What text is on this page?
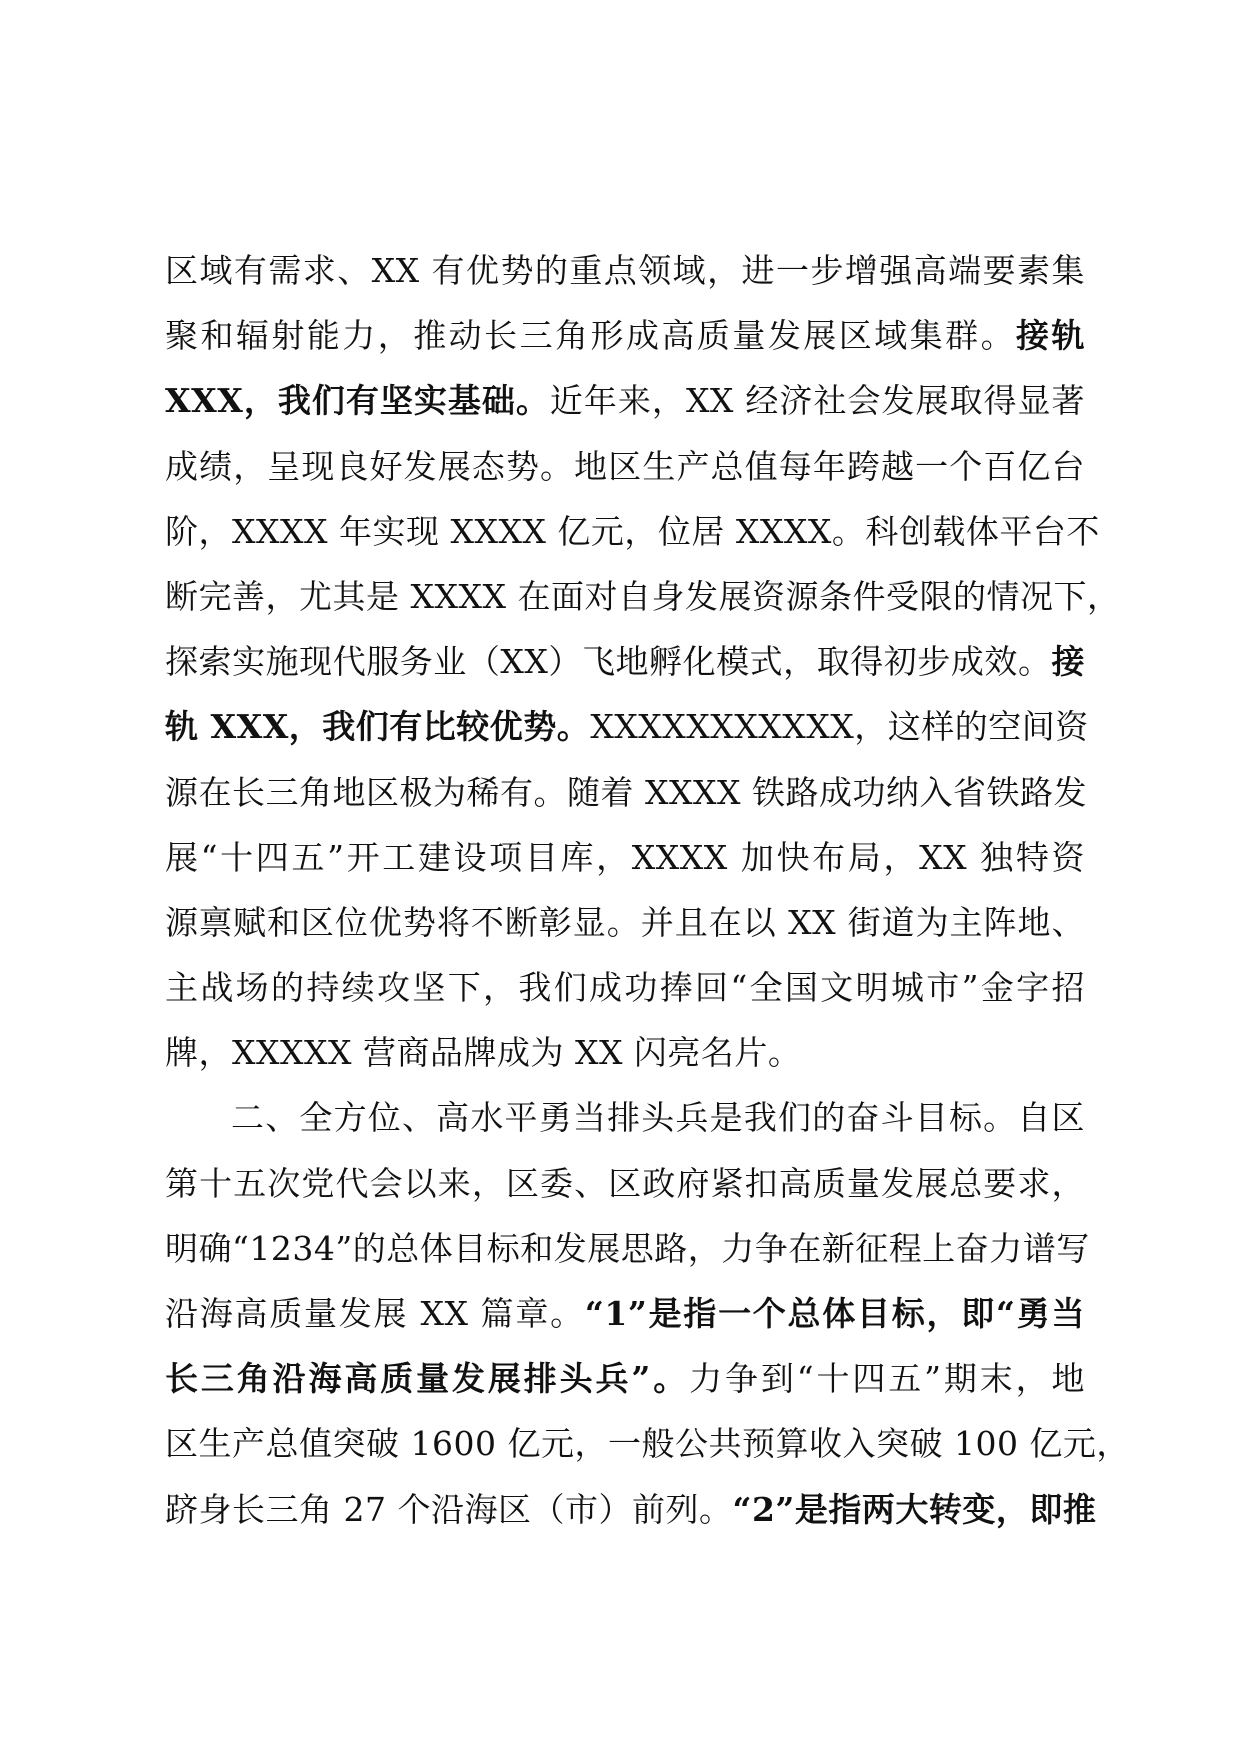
区域有需求、XX 有优势的重点领域，进一步增强高端要素集
聚和辐射能力，推动长三角形成高质量发展区域集群。接轨
XXX，我们有坚实基础。近年来，XX 经济社会发展取得显著
成绩，呈现良好发展态势。地区生产总值每年跨越一个百亿台
阶，XXXX 年实现 XXXX 亿元，位居 XXXX。科创载体平台不
断完善，尤其是 XXXX 在面对自身发展资源条件受限的情况下，
探索实施现代服务业（XX）飞地孵化模式，取得初步成效。接
轨 XXX，我们有比较优势。XXXXXXXXXXX，这样的空间资
源在长三角地区极为稀有。随着 XXXX 铁路成功纳入省铁路发
展“十四五”开工建设项目库，XXXX 加快布局，XX 独特资
源禀赋和区位优势将不断彰显。并且在以 XX 街道为主阵地、
主战场的持续攻坚下，我们成功捧回“全国文明城市”金字招
牌，XXXXX 营商品牌成为 XX 闪亮名片。
二、全方位、高水平勇当排头兵是我们的奋斗目标。自区
第十五次党代会以来，区委、区政府紧扣高质量发展总要求，
明确“1234”的总体目标和发展思路，力争在新征程上奋力谱写
沿海高质量发展 XX 篇章。“1”是指一个总体目标，即“勇当
长三角沿海高质量发展排头兵”。力争到“十四五”期末，地
区生产总值突破 1600 亿元，一般公共预算收入突破 100 亿元，
跻身长三角 27 个沿海区（市）前列。“2”是指两大转变，即推
